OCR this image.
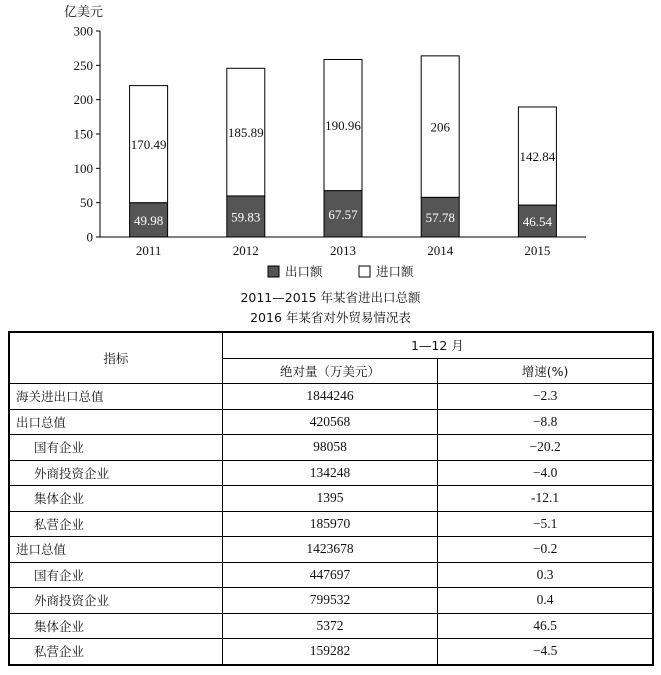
0
50
100
150
200
250
300
亿美元
49.98
170.49
2011
59.83
185.89
2012
67.57
190.96
2013
57.78
206
2014
46.54
142.84
2015
出口额	进口额
2011—2015 年某省进出口总额
2016 年某省对外贸易情况表
指标	1—12 月	
	绝对量（万美元）	增速(%)
海关进出口总值	1844246	−2.3
出口总值	420568	−8.8
国有企业	98058	−20.2
外商投资企业	134248	−4.0
集体企业	1395	-12.1
私营企业	185970	−5.1
进口总值	1423678	−0.2
国有企业	447697	0.3
外商投资企业	799532	0.4
集体企业	5372	46.5
私营企业	159282	−4.5
